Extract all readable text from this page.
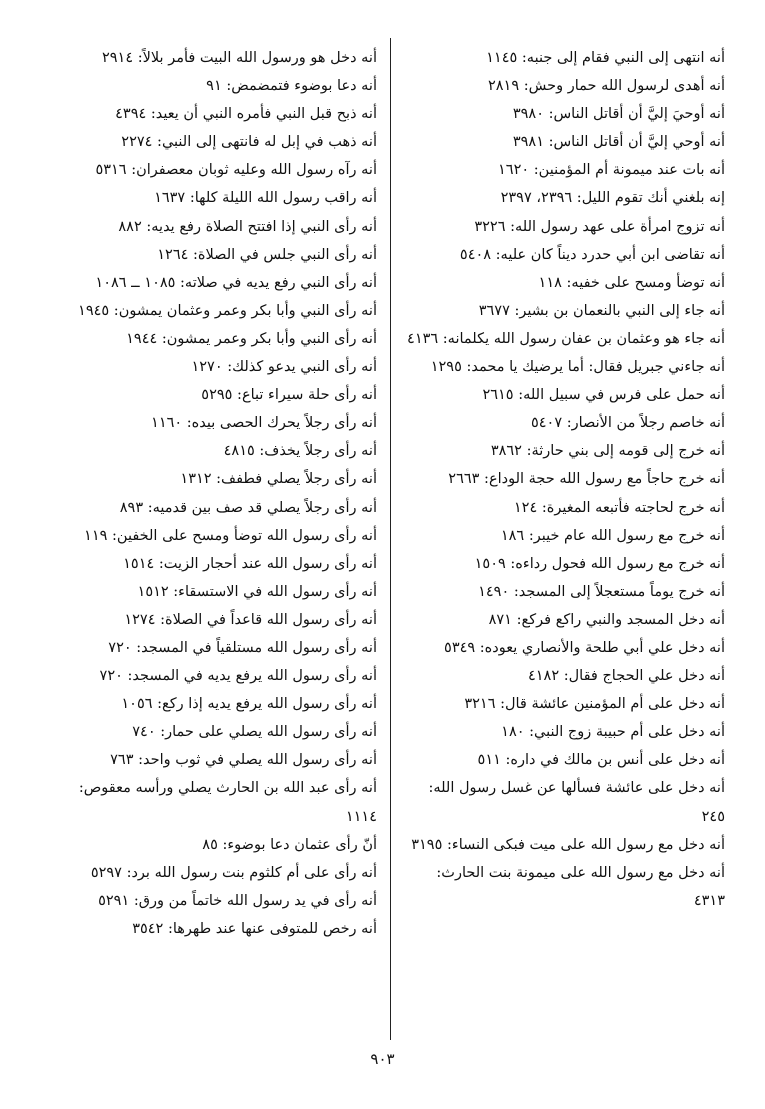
أنه انتهى إلى النبي فقام إلى جنبه: ١١٤٥

أنه أهدى لرسول الله حمار وحش: ٢٨١٩

أنه أوحيَ إليَّ أن أقاتل الناس: ٣٩٨٠

أنه أوحي إليَّ أن أقاتل الناس: ٣٩٨١

أنه بات عند ميمونة أم المؤمنين: ١٦٢٠

إنه بلغني أنك تقوم الليل: ٢٣٩٦، ٢٣٩٧

أنه تزوج امرأة على عهد رسول الله: ٣٢٢٦

أنه تقاضى ابن أبي حدرد ديناً كان عليه: ٥٤٠٨

أنه توضأ ومسح على خفيه: ١١٨

أنه جاء إلى النبي بالنعمان بن بشير: ٣٦٧٧

أنه جاء هو وعثمان بن عفان رسول الله يكلمانه: ٤١٣٦

أنه جاءني جبريل فقال: أما يرضيك يا محمد: ١٢٩٥

أنه حمل على فرس في سبيل الله: ٢٦١٥

أنه خاصم رجلاً من الأنصار: ٥٤٠٧

أنه خرج إلى قومه إلى بني حارثة: ٣٨٦٢

أنه خرج حاجاً مع رسول الله حجة الوداع: ٢٦٦٣

أنه خرج لحاجته فأتبعه المغيرة: ١٢٤

أنه خرج مع رسول الله عام خيبر: ١٨٦

أنه خرج مع رسول الله فحول رداءه: ١٥٠٩

أنه خرج يوماً مستعجلاً إلى المسجد: ١٤٩٠

أنه دخل المسجد والنبي راكع فركع: ٨٧١

أنه دخل علي أبي طلحة والأنصاري يعوده: ٥٣٤٩

أنه دخل علي الحجاج فقال: ٤١٨٢

أنه دخل على أم المؤمنين عائشة قال: ٣٢١٦

أنه دخل على أم حبيبة زوج النبي: ١٨٠

أنه دخل على أنس بن مالك في داره: ٥١١

أنه دخل على عائشة فسألها عن غسل رسول الله: ٢٤٥

أنه دخل مع رسول الله على ميت فبكى النساء: ٣١٩٥

أنه دخل مع رسول الله على ميمونة بنت الحارث: ٤٣١٣

أنه دخل هو ورسول الله البيت فأمر بلالاً: ٢٩١٤

أنه دعا بوضوء فتمضمض: ٩١

أنه ذبح قبل النبي فأمره النبي أن يعيد: ٤٣٩٤

أنه ذهب في إبل له فانتهى إلى النبي: ٢٢٧٤

أنه رآه رسول الله وعليه ثوبان معصفران: ٥٣١٦

أنه راقب رسول الله الليلة كلها: ١٦٣٧

أنه رأى النبي إذا افتتح الصلاة رفع يديه: ٨٨٢

أنه رأى النبي جلس في الصلاة: ١٢٦٤

أنه رأى النبي رفع يديه في صلاته: ١٠٨٥ ــ ١٠٨٦

أنه رأى النبي وأبا بكر وعمر وعثمان يمشون: ١٩٤٥

أنه رأى النبي وأبا بكر وعمر يمشون: ١٩٤٤

أنه رأى النبي يدعو كذلك: ١٢٧٠

أنه رأى حلة سيراء تباع: ٥٢٩٥

أنه رأى رجلاً يحرك الحصى بيده: ١١٦٠

أنه رأى رجلاً يخذف: ٤٨١٥

أنه رأى رجلاً يصلي فطفف: ١٣١٢

أنه رأى رجلاً يصلي قد صف بين قدميه: ٨٩٣

أنه رأى رسول الله توضأ ومسح على الخفين: ١١٩

أنه رأى رسول الله عند أحجار الزيت: ١٥١٤

أنه رأى رسول الله في الاستسقاء: ١٥١٢

أنه رأى رسول الله قاعداً في الصلاة: ١٢٧٤

أنه رأى رسول الله مستلقياً في المسجد: ٧٢٠

أنه رأى رسول الله يرفع يديه في المسجد: ٧٢٠

أنه رأى رسول الله يرفع يديه إذا ركع: ١٠٥٦

أنه رأى رسول الله يصلي على حمار: ٧٤٠

أنه رأى رسول الله يصلي في ثوب واحد: ٧٦٣

أنه رأى عبد الله بن الحارث يصلي ورأسه معقوص: ١١١٤

أنّ رأى عثمان دعا بوضوء: ٨٥

أنه رأى على أم كلثوم بنت رسول الله برد: ٥٢٩٧

أنه رأى في يد رسول الله خاتماً من ورق: ٥٢٩١

أنه رخص للمتوفى عنها عند طهرها: ٣٥٤٢

٩٠٣
